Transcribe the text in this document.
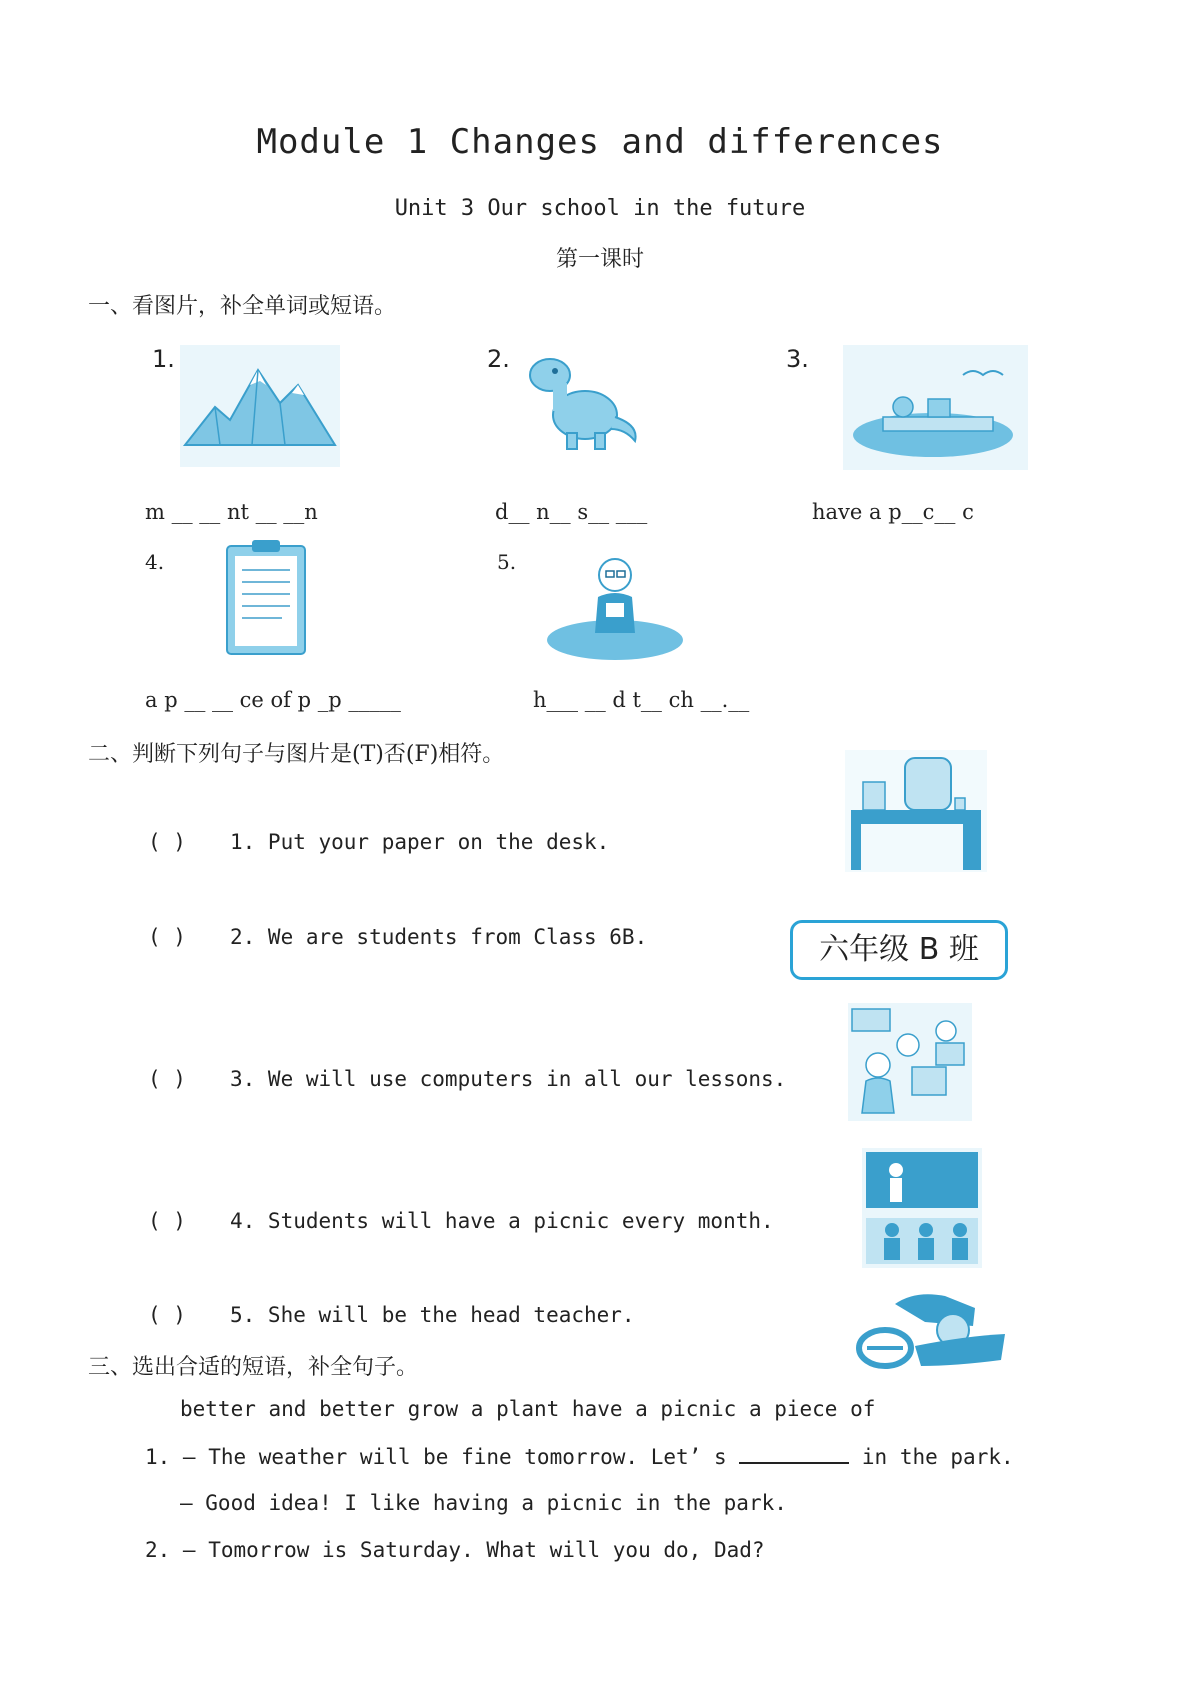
Module 1 Changes and differences
Unit 3 Our school in the future
第一课时
一、看图片，补全单词或短语。
1.
m __ __ nt __ __n
2.
d__ n__ s__ ___
3.
have a p__c__ c
4.
a p __ __ ce of p _p _____
5.
h___ __ d t__ ch __.__
二、判断下列句子与图片是(T)否(F)相符。
( ) 1. Put your paper on the desk.
( ) 2. We are students from Class 6B.	六年级 B 班
( ) 3. We will use computers in all our lessons.
( ) 4. Students will have a picnic every month.
( ) 5. She will be the head teacher.
三、选出合适的短语，补全句子。
better and better grow a plant have a picnic a piece of
1. — The weather will be fine tomorrow. Let’ s	in the park.
— Good idea! I like having a picnic in the park.
2. — Tomorrow is Saturday. What will you do, Dad?
